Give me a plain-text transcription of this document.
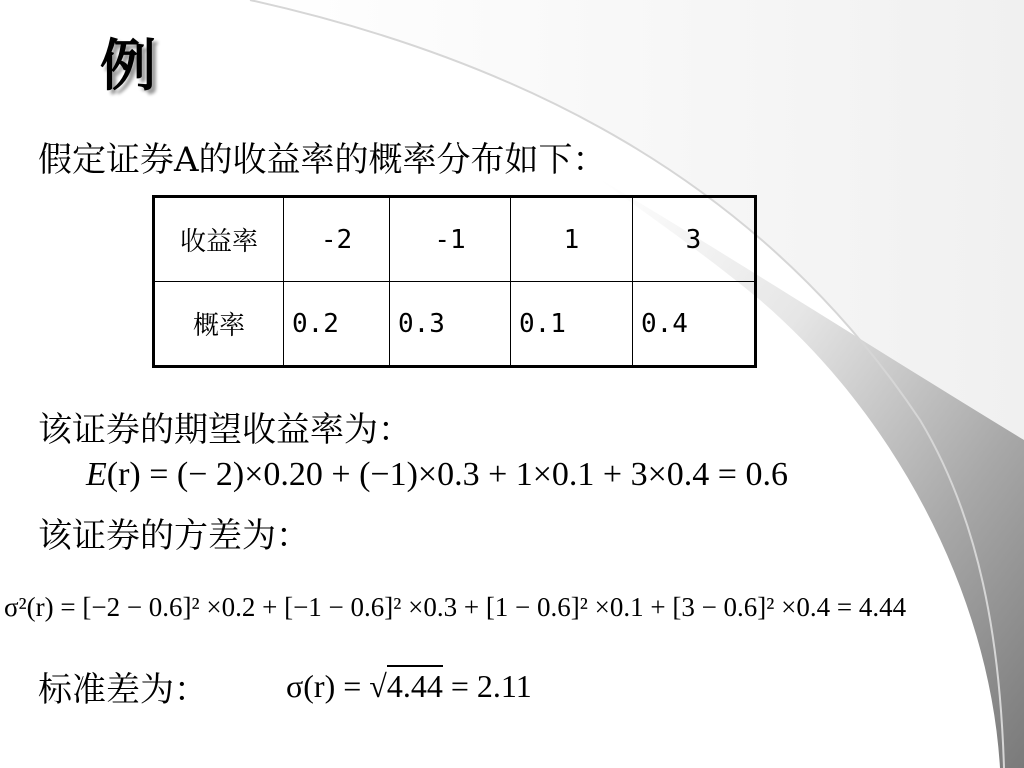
例
假定证券A的收益率的概率分布如下：
收益率	-2	-1	1	3
概率	0.2	0.3	0.1	0.4
该证券的期望收益率为：
E(r) = (− 2)×0.20 + (−1)×0.3 + 1×0.1 + 3×0.4 = 0.6
该证券的方差为：
σ²(r) = [−2 − 0.6]² ×0.2 + [−1 − 0.6]² ×0.3 + [1 − 0.6]² ×0.1 + [3 − 0.6]² ×0.4 = 4.44
标准差为： σ(r) = √4.44 = 2.11
